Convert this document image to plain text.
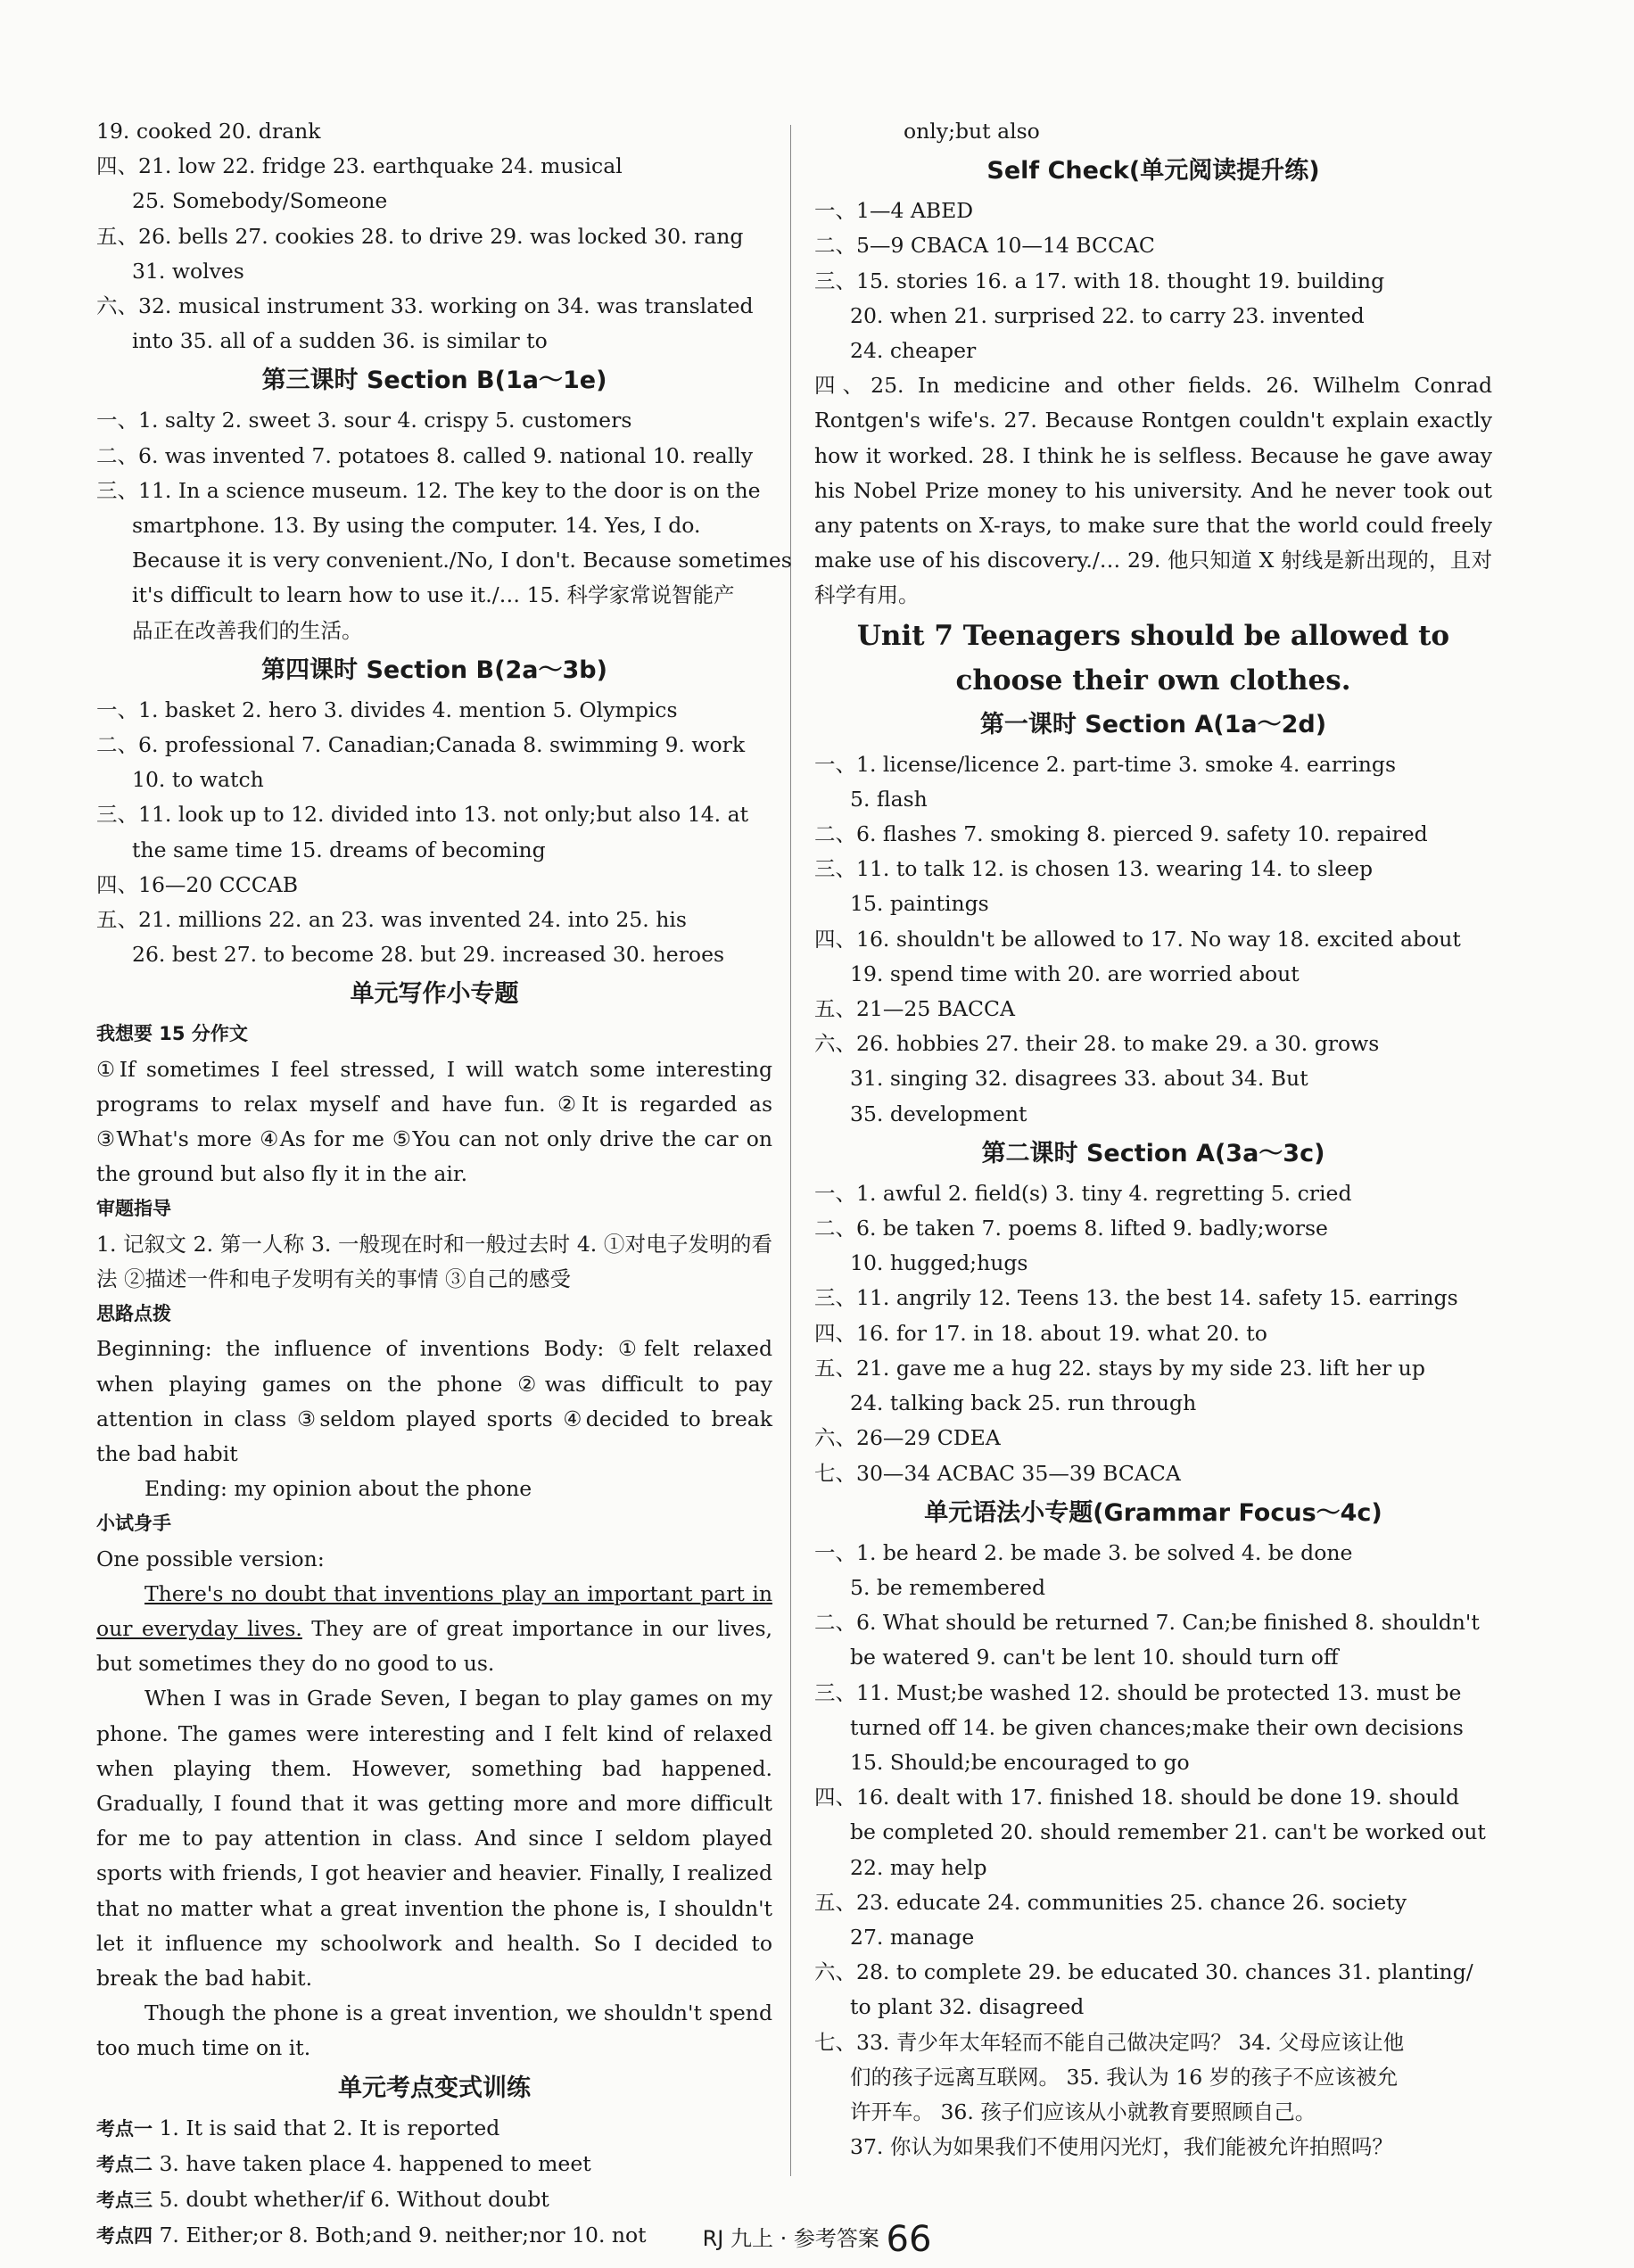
19. cooked 20. drank
四、21. low 22. fridge 23. earthquake 24. musical
25. Somebody/Someone
五、26. bells 27. cookies 28. to drive 29. was locked 30. rang
31. wolves
六、32. musical instrument 33. working on 34. was translated
into 35. all of a sudden 36. is similar to
第三课时 Section B(1a～1e)
一、1. salty 2. sweet 3. sour 4. crispy 5. customers
二、6. was invented 7. potatoes 8. called 9. national 10. really
三、11. In a science museum. 12. The key to the door is on the
smartphone. 13. By using the computer. 14. Yes, I do.
Because it is very convenient./No, I don't. Because sometimes
it's difficult to learn how to use it./… 15. 科学家常说智能产
品正在改善我们的生活。
第四课时 Section B(2a～3b)
一、1. basket 2. hero 3. divides 4. mention 5. Olympics
二、6. professional 7. Canadian;Canada 8. swimming 9. work
10. to watch
三、11. look up to 12. divided into 13. not only;but also 14. at
the same time 15. dreams of becoming
四、16—20 CCCAB
五、21. millions 22. an 23. was invented 24. into 25. his
26. best 27. to become 28. but 29. increased 30. heroes
单元写作小专题
我想要 15 分作文
①If sometimes I feel stressed, I will watch some interesting programs to relax myself and have fun. ②It is regarded as ③What's more ④As for me ⑤You can not only drive the car on the ground but also fly it in the air.
审题指导
1. 记叙文 2. 第一人称 3. 一般现在时和一般过去时 4. ①对电子发明的看法 ②描述一件和电子发明有关的事情 ③自己的感受
思路点拨
Beginning: the influence of inventions Body: ①felt relaxed when playing games on the phone ②was difficult to pay attention in class ③seldom played sports ④decided to break the bad habit
Ending: my opinion about the phone
小试身手
One possible version:
There's no doubt that inventions play an important part in our everyday lives. They are of great importance in our lives, but sometimes they do no good to us.
When I was in Grade Seven, I began to play games on my phone. The games were interesting and I felt kind of relaxed when playing them. However, something bad happened. Gradually, I found that it was getting more and more difficult for me to pay attention in class. And since I seldom played sports with friends, I got heavier and heavier. Finally, I realized that no matter what a great invention the phone is, I shouldn't let it influence my schoolwork and health. So I decided to break the bad habit.
Though the phone is a great invention, we shouldn't spend too much time on it.
单元考点变式训练
考点一 1. It is said that 2. It is reported
考点二 3. have taken place 4. happened to meet
考点三 5. doubt whether/if 6. Without doubt
考点四 7. Either;or 8. Both;and 9. neither;nor 10. not
only;but also
Self Check(单元阅读提升练)
一、1—4 ABED
二、5—9 CBACA 10—14 BCCAC
三、15. stories 16. a 17. with 18. thought 19. building
20. when 21. surprised 22. to carry 23. invented
24. cheaper
四、25. In medicine and other fields. 26. Wilhelm Conrad Rontgen's wife's. 27. Because Rontgen couldn't explain exactly how it worked. 28. I think he is selfless. Because he gave away his Nobel Prize money to his university. And he never took out any patents on X-rays, to make sure that the world could freely make use of his discovery./… 29. 他只知道 X 射线是新出现的，且对科学有用。
Unit 7 Teenagers should be allowed to
choose their own clothes.
第一课时 Section A(1a～2d)
一、1. license/licence 2. part-time 3. smoke 4. earrings
5. flash
二、6. flashes 7. smoking 8. pierced 9. safety 10. repaired
三、11. to talk 12. is chosen 13. wearing 14. to sleep
15. paintings
四、16. shouldn't be allowed to 17. No way 18. excited about
19. spend time with 20. are worried about
五、21—25 BACCA
六、26. hobbies 27. their 28. to make 29. a 30. grows
31. singing 32. disagrees 33. about 34. But
35. development
第二课时 Section A(3a～3c)
一、1. awful 2. field(s) 3. tiny 4. regretting 5. cried
二、6. be taken 7. poems 8. lifted 9. badly;worse
10. hugged;hugs
三、11. angrily 12. Teens 13. the best 14. safety 15. earrings
四、16. for 17. in 18. about 19. what 20. to
五、21. gave me a hug 22. stays by my side 23. lift her up
24. talking back 25. run through
六、26—29 CDEA
七、30—34 ACBAC 35—39 BCACA
单元语法小专题(Grammar Focus～4c)
一、1. be heard 2. be made 3. be solved 4. be done
5. be remembered
二、6. What should be returned 7. Can;be finished 8. shouldn't
be watered 9. can't be lent 10. should turn off
三、11. Must;be washed 12. should be protected 13. must be
turned off 14. be given chances;make their own decisions
15. Should;be encouraged to go
四、16. dealt with 17. finished 18. should be done 19. should
be completed 20. should remember 21. can't be worked out
22. may help
五、23. educate 24. communities 25. chance 26. society
27. manage
六、28. to complete 29. be educated 30. chances 31. planting/
to plant 32. disagreed
七、33. 青少年太年轻而不能自己做决定吗？ 34. 父母应该让他
们的孩子远离互联网。 35. 我认为 16 岁的孩子不应该被允
许开车。 36. 孩子们应该从小就教育要照顾自己。
37. 你认为如果我们不使用闪光灯，我们能被允许拍照吗？
RJ 九上 · 参考答案 66
